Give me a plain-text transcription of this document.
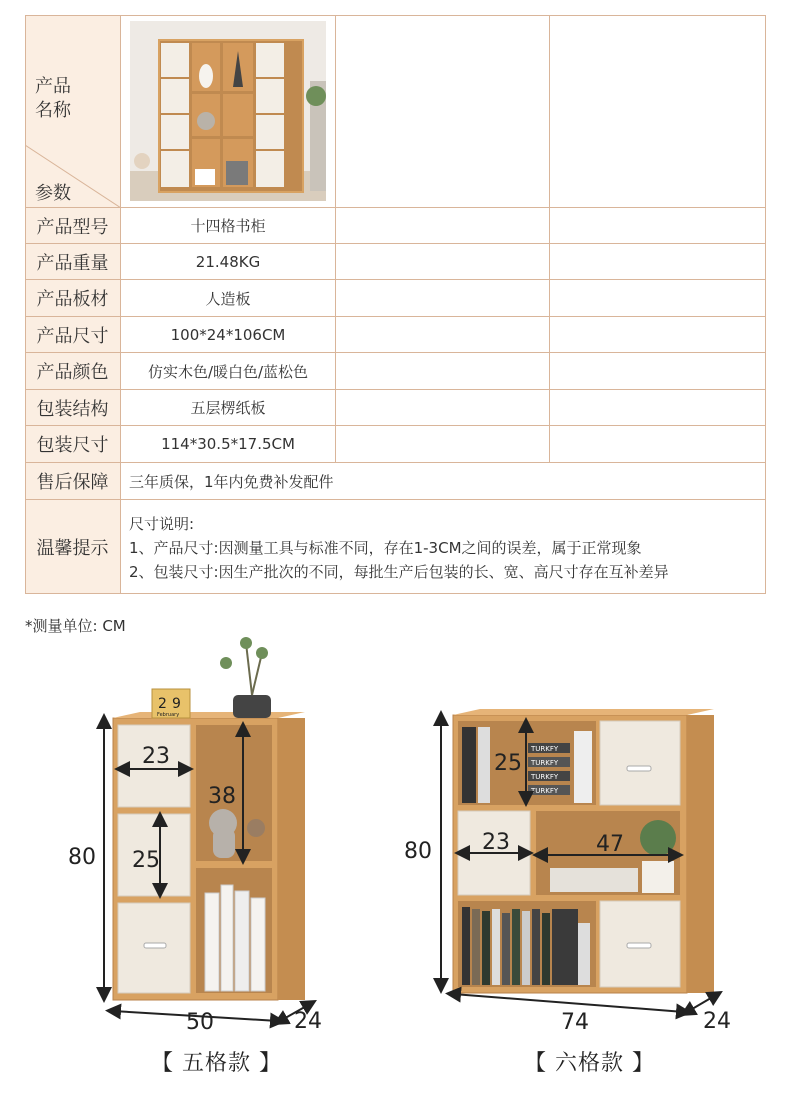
产品
名称
参数
产品型号	十四格书柜
产品重量	21.48KG
产品板材	人造板
产品尺寸	100*24*106CM
产品颜色	仿实木色/暖白色/蓝松色
包装结构	五层楞纸板
包装尺寸	114*30.5*17.5CM
售后保障	三年质保，1年内免费补发配件
温馨提示
尺寸说明:
1、产品尺寸:因测量工具与标准不同，存在1-3CM之间的误差，属于正常现象
2、包装尺寸:因生产批次的不同，每批生产后包装的长、宽、高尺寸存在互补差异
*测量单位: CM
2 9
February
80
50	24
23
38
25
TURKFY
TURKFY
TURKFY
TURKFY
80
74	24
25
23	47
【 五格款 】	【 六格款 】
